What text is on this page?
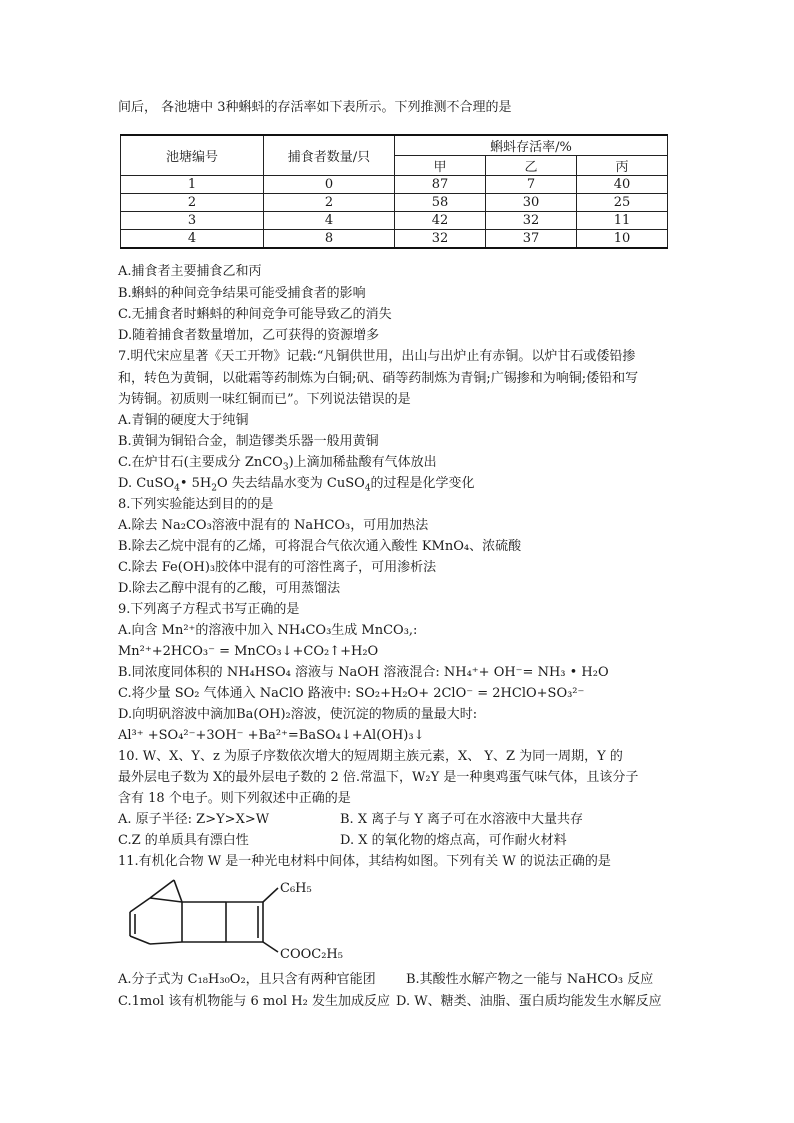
间后， 各池塘中 3种蝌蚪的存活率如下表所示。下列推测不合理的是
池塘编号	捕食者数量/只	蝌蚪存活率/%		
		甲	乙	丙
1	0	87	7	40
2	2	58	30	25
3	4	42	32	11
4	8	32	37	10
A.捕食者主要捕食乙和丙
B.蝌蚪的种间竞争结果可能受捕食者的影响
C.无捕食者时蝌蚪的种间竞争可能导致乙的消失
D.随着捕食者数量增加，乙可获得的资源增多
7.明代宋应星著《天工开物》记载:“凡铜供世用，出山与出炉止有赤铜。以炉甘石或倭铅掺
和，转色为黄铜，以砒霜等药制炼为白铜;矾、硝等药制炼为青铜;广锡掺和为响铜;倭铅和写
为铸铜。初质则一味红铜而已”。下列说法错误的是
A.青铜的硬度大于纯铜
B.黄铜为铜铅合金，制造镠类乐器一般用黄铜
C.在炉甘石(主要成分 ZnCO$_3$)上滴加稀盐酸有气体放出
D. CuSO$_4$• $5H_2O$ 失去结晶水变为 CuSO$_4$的过程是化学变化
8.下列实验能达到目的的是
A.除去 Na₂CO₃溶液中混有的 NaHCO₃，可用加热法
B.除去乙烷中混有的乙烯，可将混合气依次通入酸性 KMnO₄、浓硫酸
C.除去 Fe(OH)₃胶体中混有的可溶性离子，可用渗析法
D.除去乙醇中混有的乙酸，可用蒸馏法
9.下列离子方程式书写正确的是
A.向含 Mn²⁺的溶液中加入 NH₄CO₃生成 MnCO₃,:
Mn²⁺+2HCO₃⁻ = MnCO₃↓+CO₂↑+H₂O
B.同浓度同体积的 NH₄HSO₄ 溶液与 NaOH 溶液混合: NH₄⁺+ OH⁻= NH₃ • H₂O
C.将少量 SO₂ 气体通入 NaClO 路液中: SO₂+H₂O+ 2ClO⁻ = 2HClO+SO₃²⁻
D.向明矾溶波中滴加Ba(OH)₂溶波，使沉淀的物质的量最大时:
Al³⁺ +SO₄²⁻+3OH⁻ +Ba²⁺=BaSO₄↓+Al(OH)₃↓
10. W、X、Y、z 为原子序数依次增大的短周期主族元素，X、 Y、Z 为同一周期，Y 的
最外层电子数为 X的最外层电子数的 2 倍.常温下，W₂Y 是一种奥鸡蛋气味气体，且该分子
含有 18 个电子。则下列叙述中正确的是
A. 原子半径: Z>Y>X>W	B. X 离子与 Y 离子可在水溶液中大量共存
C.Z 的单质具有漂白性	D. X 的氧化物的熔点高，可作耐火材料
11.有机化合物 W 是一种光电材料中间体，其结构如图。下列有关 W 的说法正确的是
C₆H₅
COOC₂H₅
A.分子式为 C₁₈H₃₀O₂，且只含有两种官能团 B.其酸性水解产物之一能与 NaHCO₃ 反应
C.1mol 该有机物能与 6 mol H₂ 发生加成反应 D. W、糖类、油脂、蛋白质均能发生水解反应
